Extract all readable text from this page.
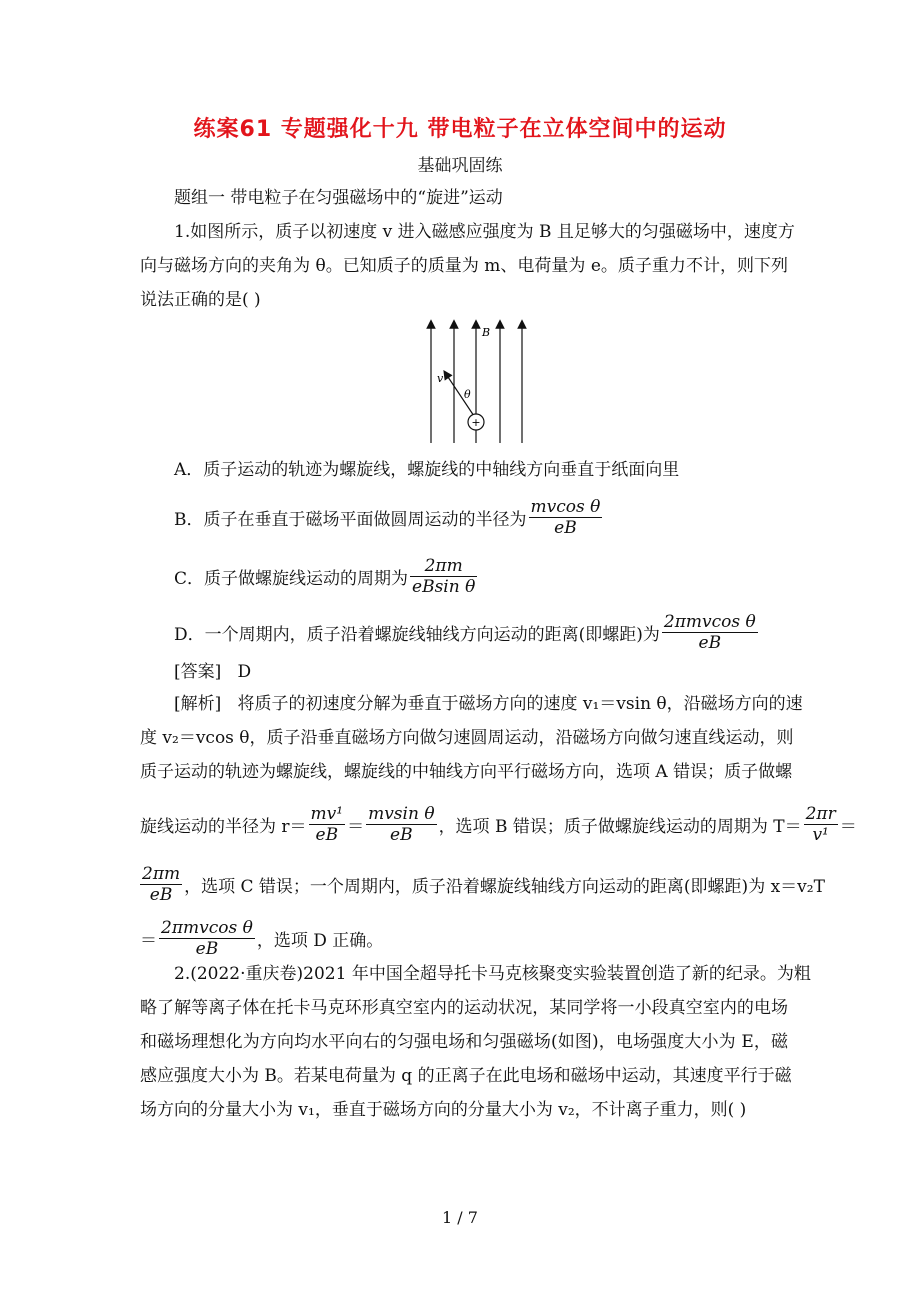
练案61 专题强化十九 带电粒子在立体空间中的运动
基础巩固练
题组一 带电粒子在匀强磁场中的“旋进”运动
1.如图所示，质子以初速度 v 进入磁感应强度为 B 且足够大的匀强磁场中，速度方
向与磁场方向的夹角为 θ。已知质子的质量为 m、电荷量为 e。质子重力不计，则下列
说法正确的是( )
+
B
v
θ
A．质子运动的轨迹为螺旋线，螺旋线的中轴线方向垂直于纸面向里
B．质子在垂直于磁场平面做圆周运动的半径为 $\frac{\text{mvcos θ}}{eB}$
C．质子做螺旋线运动的周期为 $\frac{2\pi m}{\text{eBsin θ}}$
D．一个周期内，质子沿着螺旋线轴线方向运动的距离(即螺距)为 $\frac{\text{2πmvcos θ}}{eB}$
[答案] D
[解析] 将质子的初速度分解为垂直于磁场方向的速度 v₁＝vsin θ，沿磁场方向的速
度 v₂＝vcos θ，质子沿垂直磁场方向做匀速圆周运动，沿磁场方向做匀速直线运动，则
质子运动的轨迹为螺旋线，螺旋线的中轴线方向平行磁场方向，选项 A 错误；质子做螺
旋线运动的半径为 $r= \frac{\text{mv¹}}{eB} = \frac{\text{mvsin θ}}{eB}$ ，选项 B 错误；质子做螺旋线运动的周期为 $T= \frac{2\pi r}{\text{v¹}}$ ＝
$\frac{2\pi m}{eB}$ ，选项 C 错误；一个周期内，质子沿着螺旋线轴线方向运动的距离(即螺距)为 x＝v₂T
＝ $\frac{\text{2πmvcos θ}}{eB}$ ，选项 D 正确。
2.(2022·重庆卷)2021 年中国全超导托卡马克核聚变实验装置创造了新的纪录。为粗
略了解等离子体在托卡马克环形真空室内的运动状况，某同学将一小段真空室内的电场
和磁场理想化为方向均水平向右的匀强电场和匀强磁场(如图)，电场强度大小为 E，磁
感应强度大小为 B。若某电荷量为 q 的正离子在此电场和磁场中运动，其速度平行于磁
场方向的分量大小为 v₁，垂直于磁场方向的分量大小为 v₂，不计离子重力，则( )
1 / 7
